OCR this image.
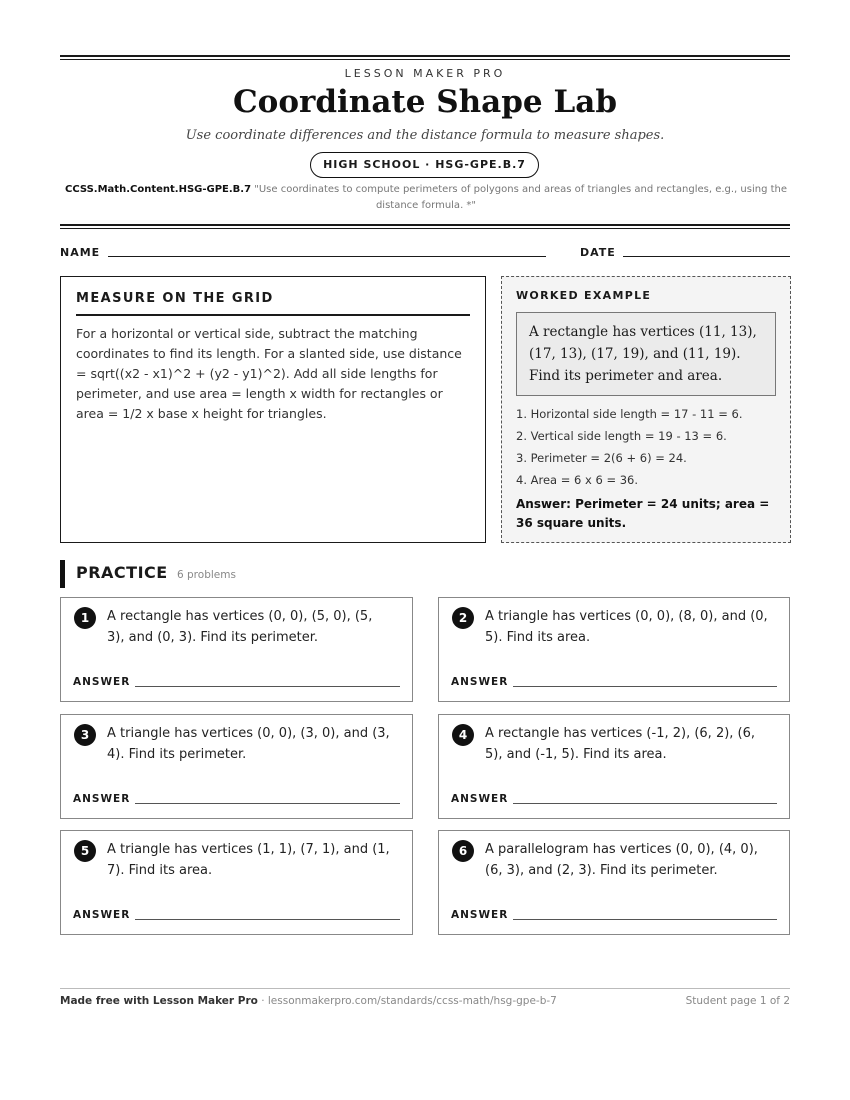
LESSON MAKER PRO
Coordinate Shape Lab
Use coordinate differences and the distance formula to measure shapes.
HIGH SCHOOL · HSG-GPE.B.7
CCSS.Math.Content.HSG-GPE.B.7 "Use coordinates to compute perimeters of polygons and areas of triangles and rectangles, e.g., using the distance formula. *"
NAME	DATE
MEASURE ON THE GRID

For a horizontal or vertical side, subtract the matching coordinates to find its length. For a slanted side, use distance = sqrt((x2 - x1)^2 + (y2 - y1)^2). Add all side lengths for perimeter, and use area = length x width for rectangles or area = 1/2 x base x height for triangles.

WORKED EXAMPLE
A rectangle has vertices (11, 13), (17, 13), (17, 19), and (11, 19). Find its perimeter and area.
1. Horizontal side length = 17 - 11 = 6.
2. Vertical side length = 19 - 13 = 6.
3. Perimeter = 2(6 + 6) = 24.
4. Area = 6 x 6 = 36.
Answer: Perimeter = 24 units; area = 36 square units.
PRACTICE 6 problems
1	A rectangle has vertices (0, 0), (5, 0), (5, 3), and (0, 3). Find its perimeter.
ANSWER
2	A triangle has vertices (0, 0), (8, 0), and (0, 5). Find its area.
ANSWER
3	A triangle has vertices (0, 0), (3, 0), and (3, 4). Find its perimeter.
ANSWER
4	A rectangle has vertices (-1, 2), (6, 2), (6, 5), and (-1, 5). Find its area.
ANSWER
5	A triangle has vertices (1, 1), (7, 1), and (1, 7). Find its area.
ANSWER
6	A parallelogram has vertices (0, 0), (4, 0), (6, 3), and (2, 3). Find its perimeter.
ANSWER
Made free with Lesson Maker Pro · lessonmakerpro.com/standards/ccss-math/hsg-gpe-b-7	Student page 1 of 2
